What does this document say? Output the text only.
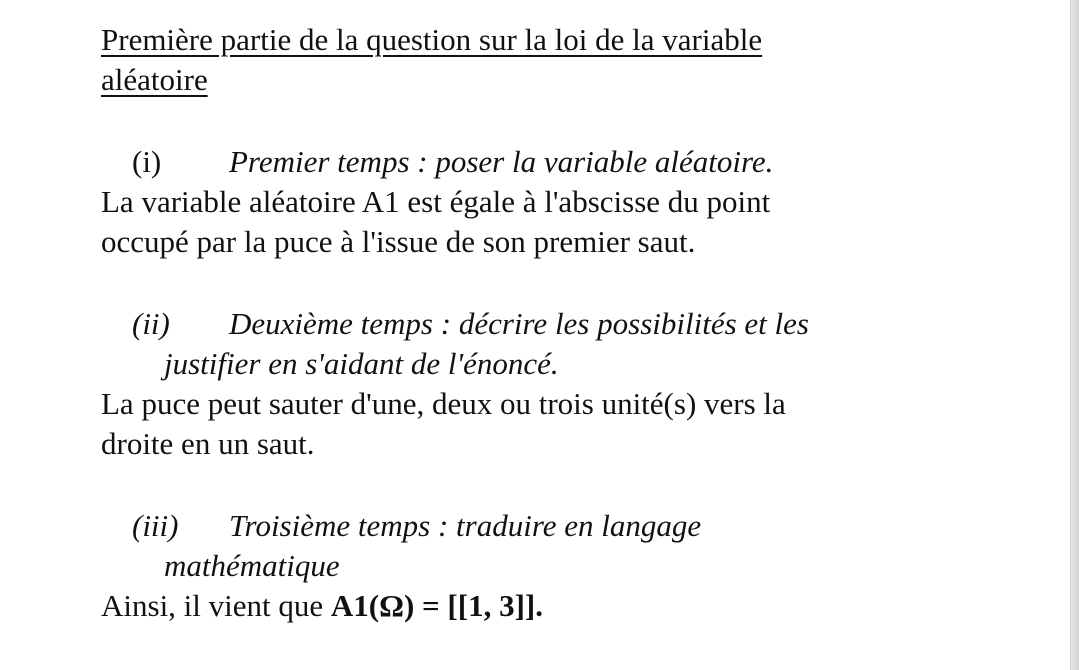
Première partie de la question sur la loi de la variable
aléatoire
(i)	Premier temps : poser la variable aléatoire.

La variable aléatoire A1 est égale à l'abscisse du point
occupé par la puce à l'issue de son premier saut.

(ii)	Deuxième temps : décrire les possibilités et les
justifier en s'aidant de l'énoncé.

La puce peut sauter d'une, deux ou trois unité(s) vers la
droite en un saut.

(iii)	Troisième temps : traduire en langage
mathématique

Ainsi, il vient que A1(Ω) = [[1, 3]].
